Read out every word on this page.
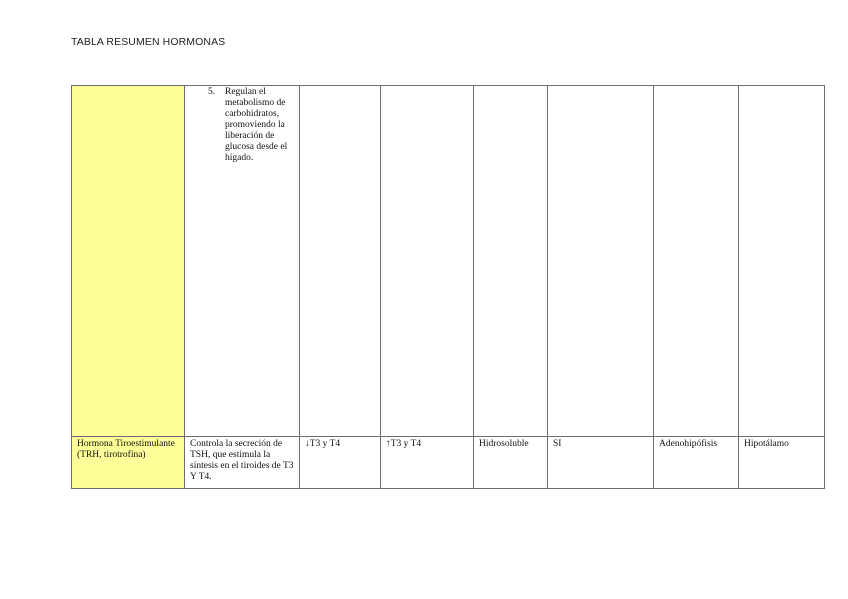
TABLA RESUMEN HORMONAS

	5. Regulan el metabolismo de carbohidratos, promoviendo la liberación de glucosa desde el hígado.						

Hormona Tiroestimulante (TRH, tirotrofina)	Controla la secreción de TSH, que estimula la síntesis en el tiroides de T3 Y T4.	↓T3 y T4	↑T3 y T4	Hidrosoluble	SI	Adenohipófisis	Hipotálamo
